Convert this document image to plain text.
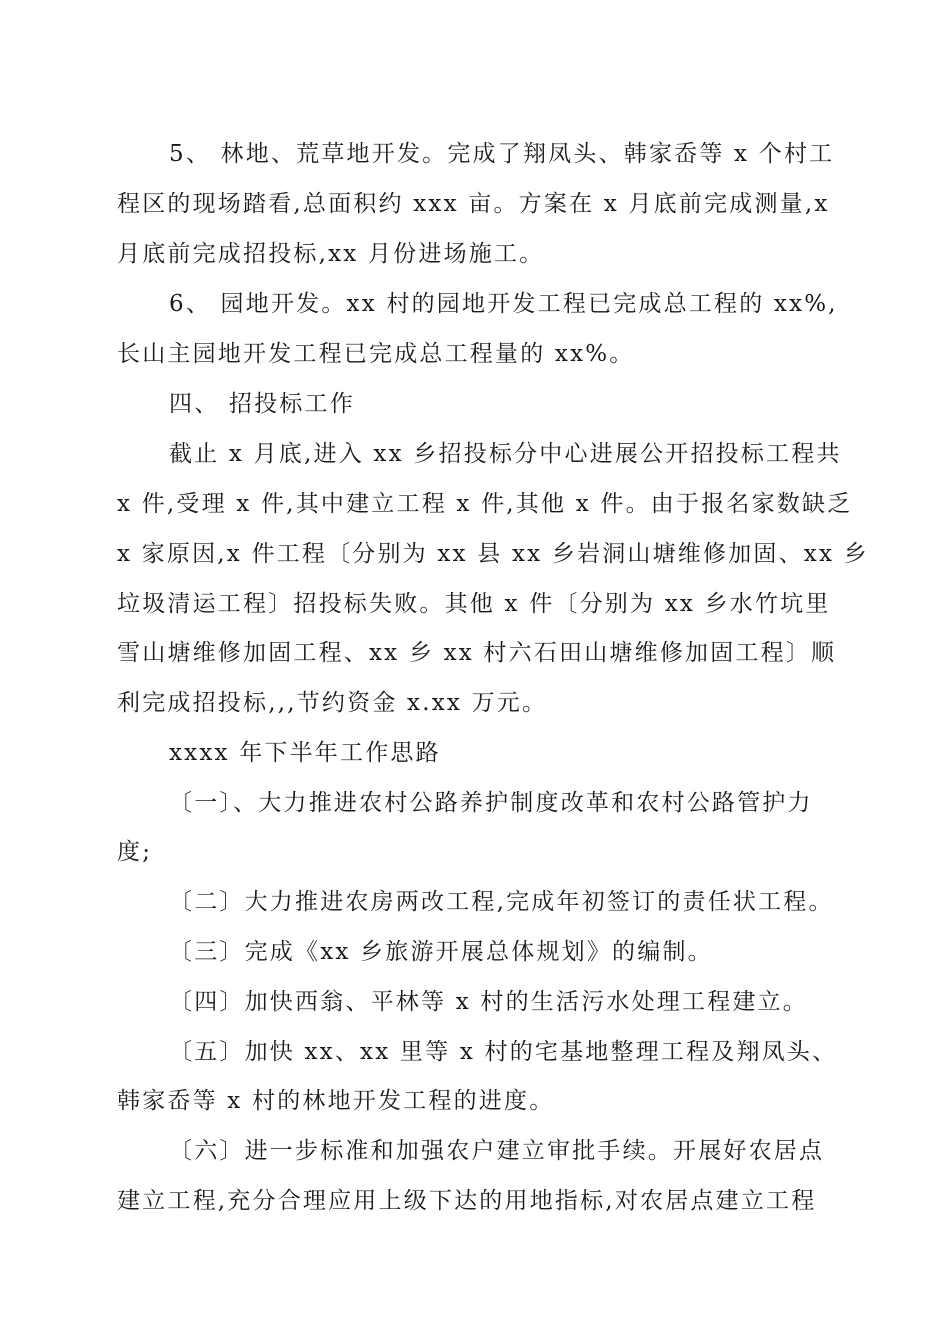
5、 林地、荒草地开发。完成了翔凤头、韩家岙等 x 个村工
程区的现场踏看,总面积约 xxx 亩。方案在 x 月底前完成测量,x
月底前完成招投标,xx 月份进场施工。
6、 园地开发。xx 村的园地开发工程已完成总工程的 xx%,
长山主园地开发工程已完成总工程量的 xx%。
四、 招投标工作
截止 x 月底,进入 xx 乡招投标分中心进展公开招投标工程共
x 件,受理 x 件,其中建立工程 x 件,其他 x 件。由于报名家数缺乏
x 家原因,x 件工程〔分别为 xx 县 xx 乡岩洞山塘维修加固、xx 乡
垃圾清运工程〕招投标失败。其他 x 件〔分别为 xx 乡水竹坑里
雪山塘维修加固工程、xx 乡 xx 村六石田山塘维修加固工程〕顺
利完成招投标,,,节约资金 x.xx 万元。
xxxx 年下半年工作思路
〔一〕、大力推进农村公路养护制度改革和农村公路管护力
度;
〔二〕大力推进农房两改工程,完成年初签订的责任状工程。
〔三〕完成《xx 乡旅游开展总体规划》的编制。
〔四〕加快西翁、平林等 x 村的生活污水处理工程建立。
〔五〕加快 xx、xx 里等 x 村的宅基地整理工程及翔凤头、
韩家岙等 x 村的林地开发工程的进度。
〔六〕进一步标准和加强农户建立审批手续。开展好农居点
建立工程,充分合理应用上级下达的用地指标,对农居点建立工程
